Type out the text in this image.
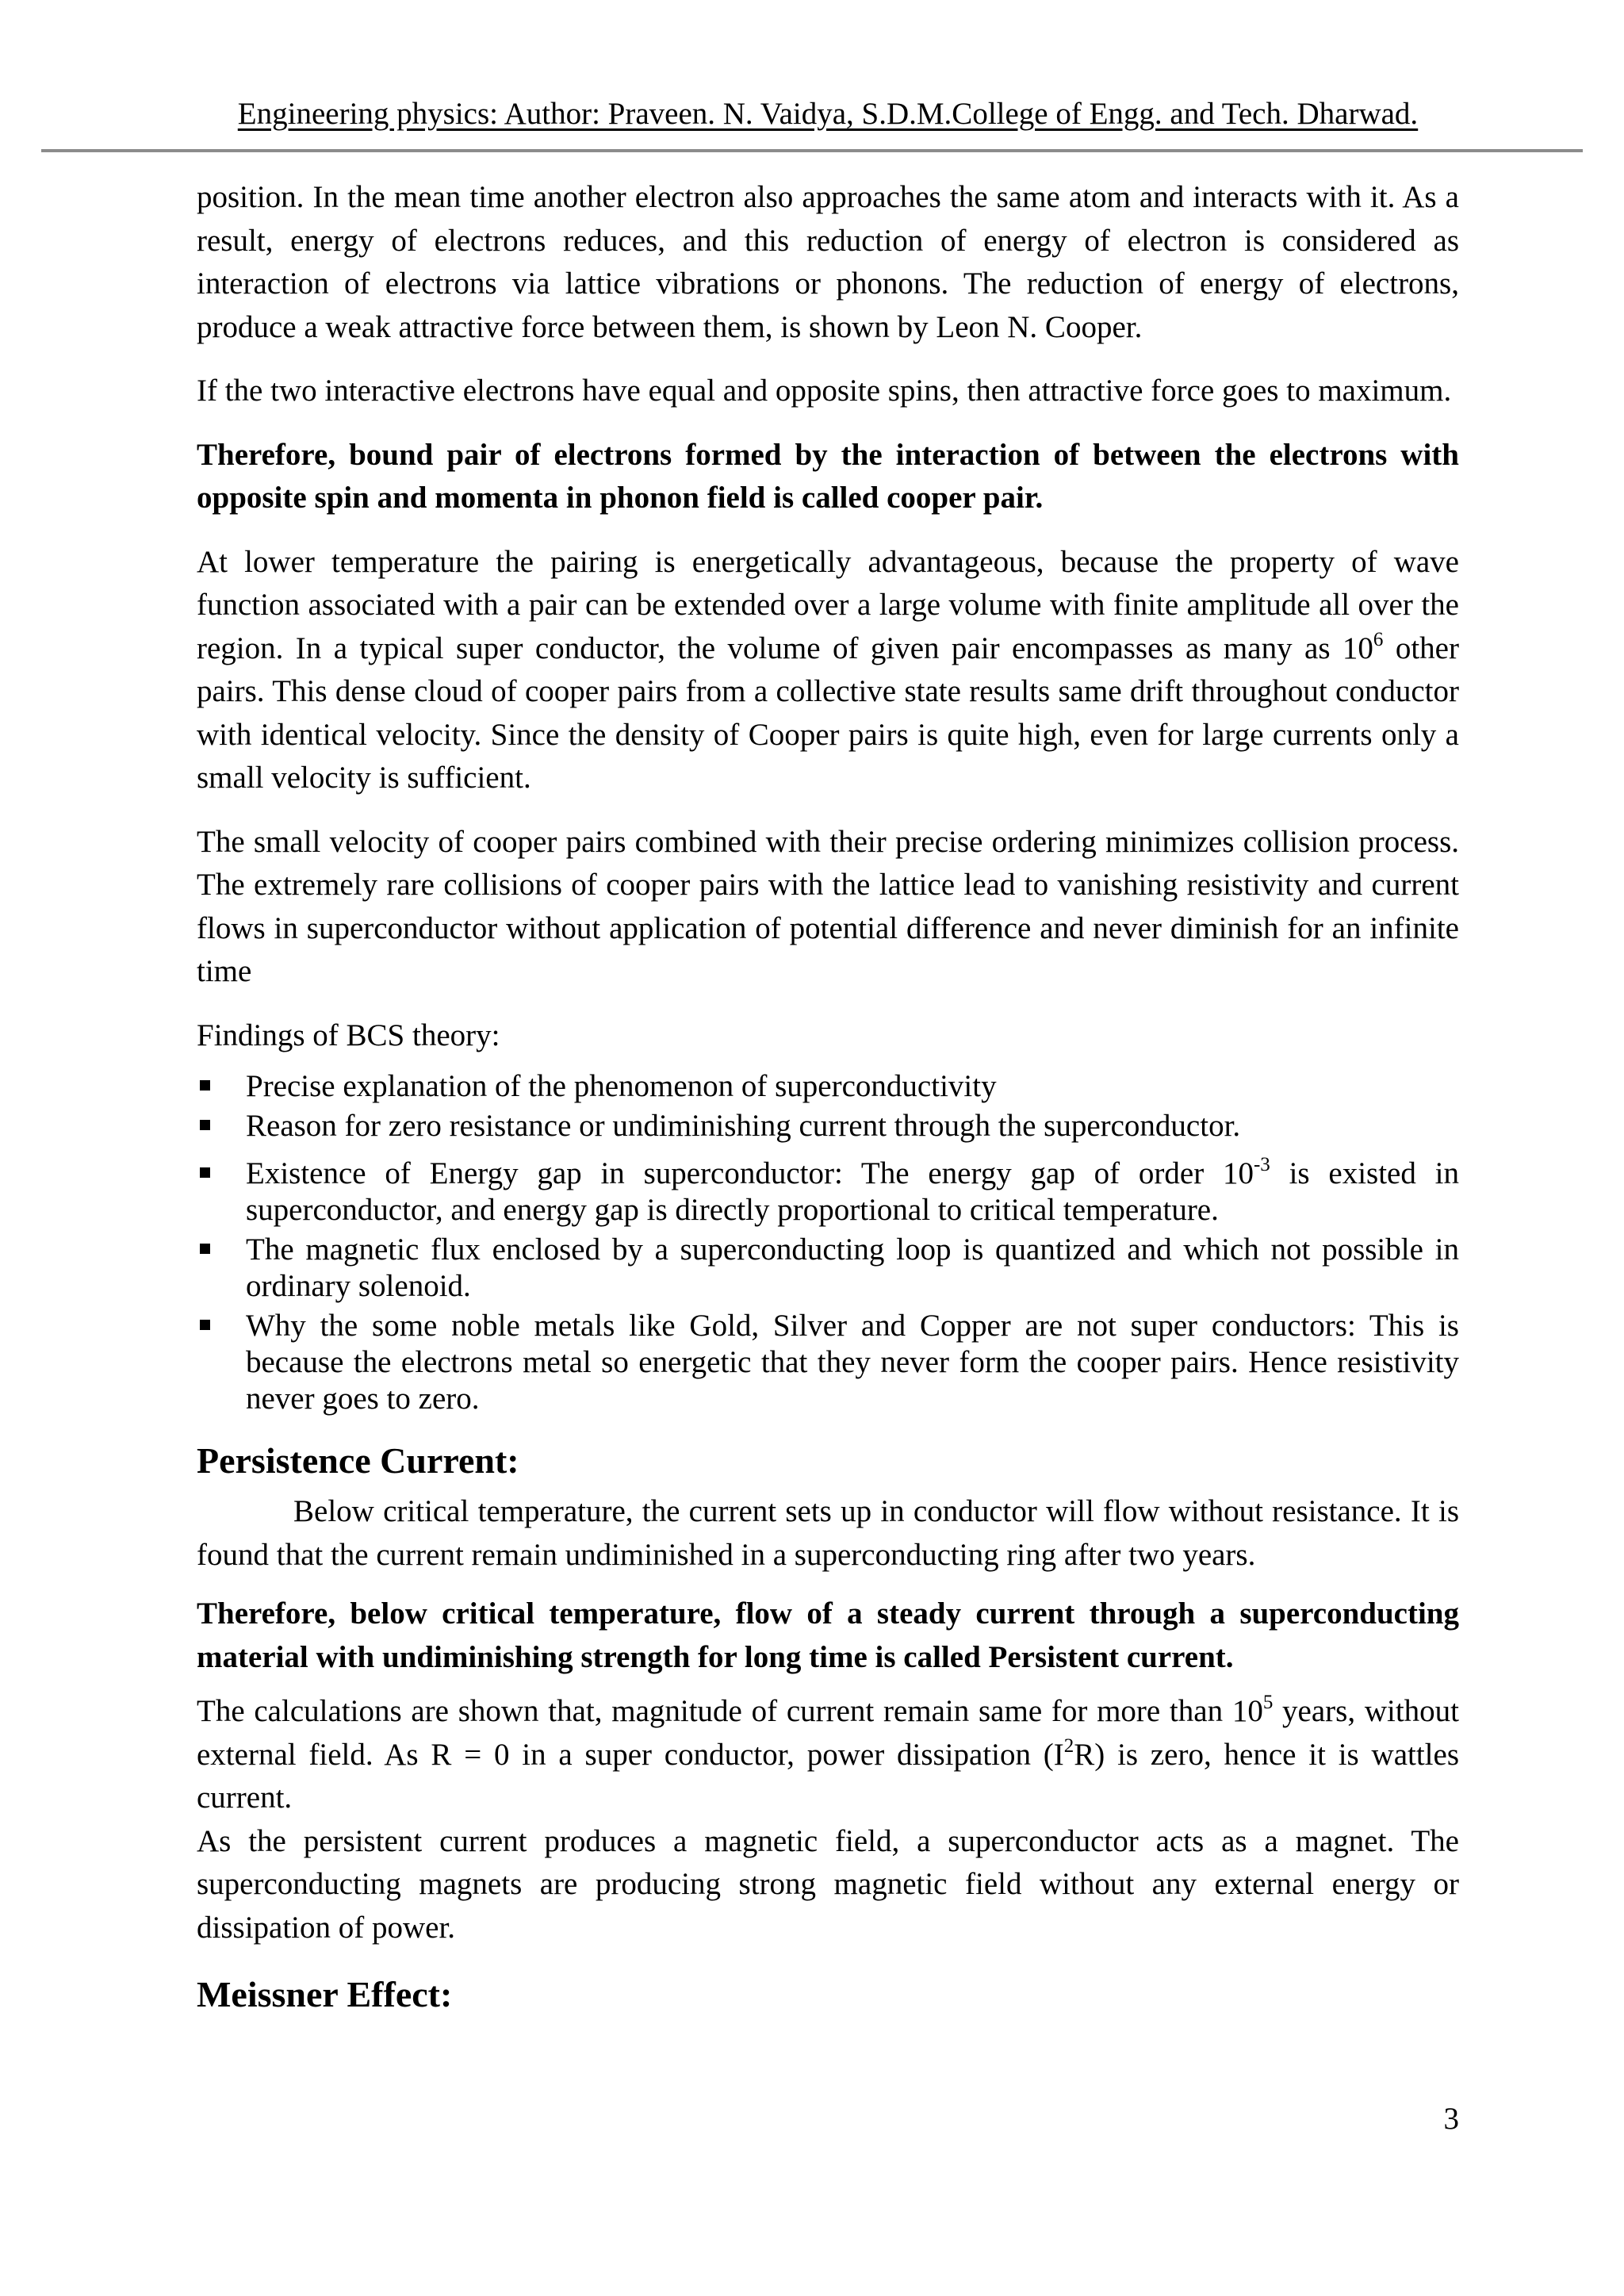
Engineering physics: Author: Praveen. N. Vaidya, S.D.M.College of Engg. and Tech. Dharwad.

position. In the mean time another electron also approaches the same atom and interacts with it. As a result, energy of electrons reduces, and this reduction of energy of electron is considered as interaction of electrons via lattice vibrations or phonons. The reduction of energy of electrons, produce a weak attractive force between them, is shown by Leon N. Cooper.

If the two interactive electrons have equal and opposite spins, then attractive force goes to maximum.

Therefore, bound pair of electrons formed by the interaction of between the electrons with opposite spin and momenta in phonon field is called cooper pair.

At lower temperature the pairing is energetically advantageous, because the property of wave function associated with a pair can be extended over a large volume with finite amplitude all over the region. In a typical super conductor, the volume of given pair encompasses as many as $10^6$ other pairs. This dense cloud of cooper pairs from a collective state results same drift throughout conductor with identical velocity. Since the density of Cooper pairs is quite high, even for large currents only a small velocity is sufficient.

The small velocity of cooper pairs combined with their precise ordering minimizes collision process. The extremely rare collisions of cooper pairs with the lattice lead to vanishing resistivity and current flows in superconductor without application of potential difference and never diminish for an infinite time

Findings of BCS theory:

Precise explanation of the phenomenon of superconductivity
Reason for zero resistance or undiminishing current through the superconductor.
Existence of Energy gap in superconductor: The energy gap of order $10^{-3}$ is existed in superconductor, and energy gap is directly proportional to critical temperature.
The magnetic flux enclosed by a superconducting loop is quantized and which not possible in ordinary solenoid.
Why the some noble metals like Gold, Silver and Copper are not super conductors: This is because the electrons metal so energetic that they never form the cooper pairs. Hence resistivity never goes to zero.
Persistence Current:

Below critical temperature, the current sets up in conductor will flow without resistance. It is found that the current remain undiminished in a superconducting ring after two years.

Therefore, below critical temperature, flow of a steady current through a superconducting material with undiminishing strength for long time is called Persistent current.

The calculations are shown that, magnitude of current remain same for more than $10^5$ years, without external field. As R = 0 in a super conductor, power dissipation $(I^2R)$ is zero, hence it is wattles current.

As the persistent current produces a magnetic field, a superconductor acts as a magnet. The superconducting magnets are producing strong magnetic field without any external energy or dissipation of power.

Meissner Effect:
3
